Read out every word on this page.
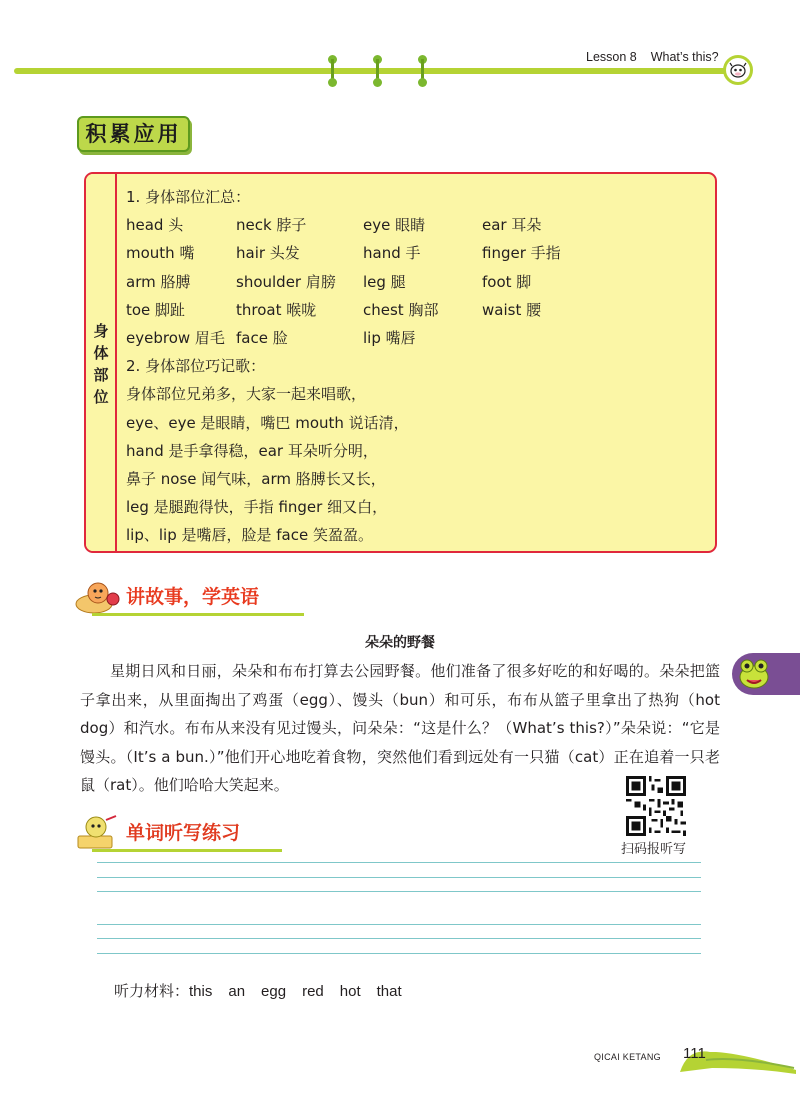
Lesson 8 What’s this?
积累应用
身
体
部
位
1. 身体部位汇总：
head 头	neck 脖子	eye 眼睛	ear 耳朵
mouth 嘴	hair 头发	hand 手	finger 手指
arm 胳膊	shoulder 肩膀	leg 腿	foot 脚
toe 脚趾	throat 喉咙	chest 胸部	waist 腰
eyebrow 眉毛 face 脸	lip 嘴唇
2. 身体部位巧记歌：
身体部位兄弟多，大家一起来唱歌，
eye、eye 是眼睛，嘴巴 mouth 说话清，
hand 是手拿得稳，ear 耳朵听分明，
鼻子 nose 闻气味，arm 胳膊长又长，
leg 是腿跑得快，手指 finger 细又白，
lip、lip 是嘴唇，脸是 face 笑盈盈。
讲故事，学英语
朵朵的野餐

星期日风和日丽，朵朵和布布打算去公园野餐。他们准备了很多好吃的和好喝的。朵朵把篮子拿出来，从里面掏出了鸡蛋（egg）、馒头（bun）和可乐，布布从篮子里拿出了热狗（hot dog）和汽水。布布从来没有见过馒头，问朵朵：“这是什么？（What’s this?）”朵朵说：“它是馒头。（It’s a bun.）”他们开心地吃着食物，突然他们看到远处有一只猫（cat）正在追着一只老鼠（rat）。他们哈哈大笑起来。

扫码报听写
单词听写练习
听力材料：this an egg red hot that
QICAI KETANG 111
